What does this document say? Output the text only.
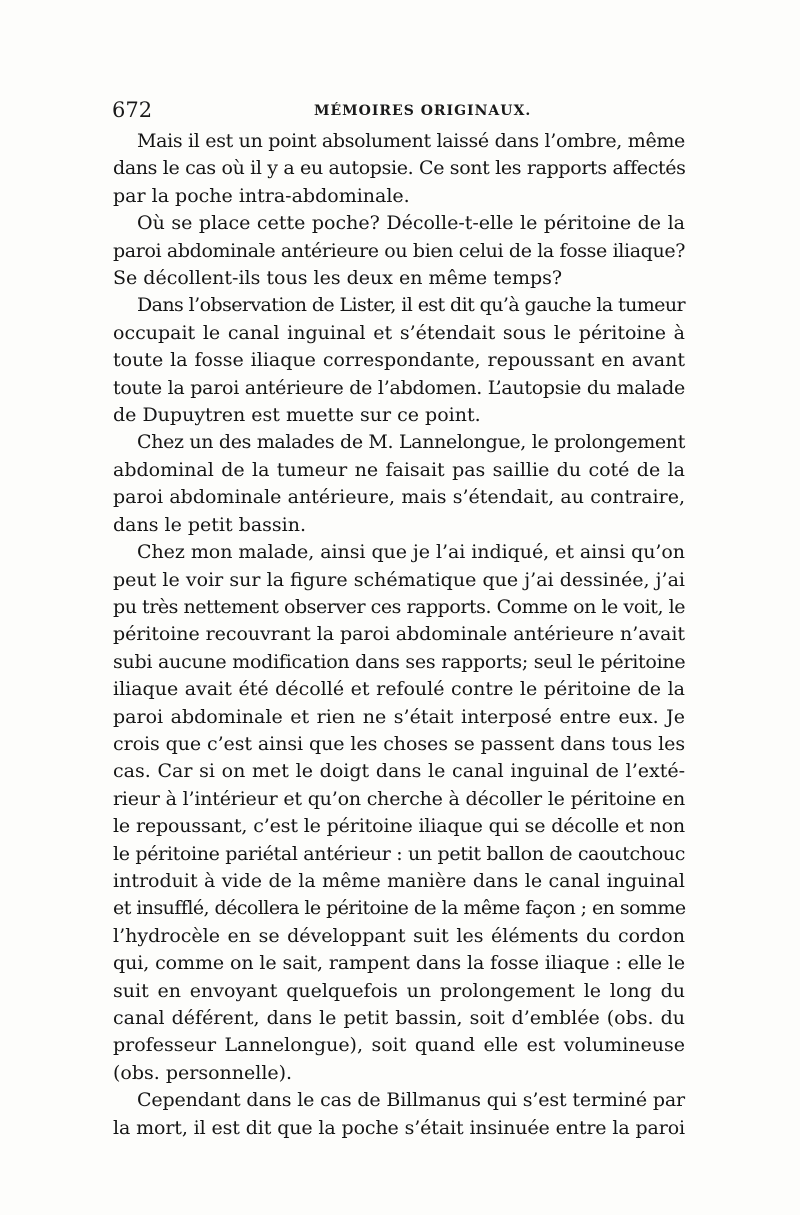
672	MÉMOIRES ORIGINAUX.
Mais il est un point absolument laissé dans l’ombre, même
dans le cas où il y a eu autopsie. Ce sont les rapports affectés
par la poche intra-abdominale.
Où se place cette poche? Décolle-t-elle le péritoine de la
paroi abdominale antérieure ou bien celui de la fosse iliaque?
Se décollent-ils tous les deux en même temps?
Dans l’observation de Lister, il est dit qu’à gauche la tumeur
occupait le canal inguinal et s’étendait sous le péritoine à
toute la fosse iliaque correspondante, repoussant en avant
toute la paroi antérieure de l’abdomen. L’autopsie du malade
de Dupuytren est muette sur ce point.
Chez un des malades de M. Lannelongue, le prolongement
abdominal de la tumeur ne faisait pas saillie du coté de la
paroi abdominale antérieure, mais s’étendait, au contraire,
dans le petit bassin.
Chez mon malade, ainsi que je l’ai indiqué, et ainsi qu’on
peut le voir sur la figure schématique que j’ai dessinée, j’ai
pu très nettement observer ces rapports. Comme on le voit, le
péritoine recouvrant la paroi abdominale antérieure n’avait
subi aucune modification dans ses rapports; seul le péritoine
iliaque avait été décollé et refoulé contre le péritoine de la
paroi abdominale et rien ne s’était interposé entre eux. Je
crois que c’est ainsi que les choses se passent dans tous les
cas. Car si on met le doigt dans le canal inguinal de l’exté-
rieur à l’intérieur et qu’on cherche à décoller le péritoine en
le repoussant, c’est le péritoine iliaque qui se décolle et non
le péritoine pariétal antérieur : un petit ballon de caoutchouc
introduit à vide de la même manière dans le canal inguinal
et insufflé, décollera le péritoine de la même façon ; en somme
l’hydrocèle en se développant suit les éléments du cordon
qui, comme on le sait, rampent dans la fosse iliaque : elle le
suit en envoyant quelquefois un prolongement le long du
canal déférent, dans le petit bassin, soit d’emblée (obs. du
professeur Lannelongue), soit quand elle est volumineuse
(obs. personnelle).
Cependant dans le cas de Billmanus qui s’est terminé par
la mort, il est dit que la poche s’était insinuée entre la paroi
